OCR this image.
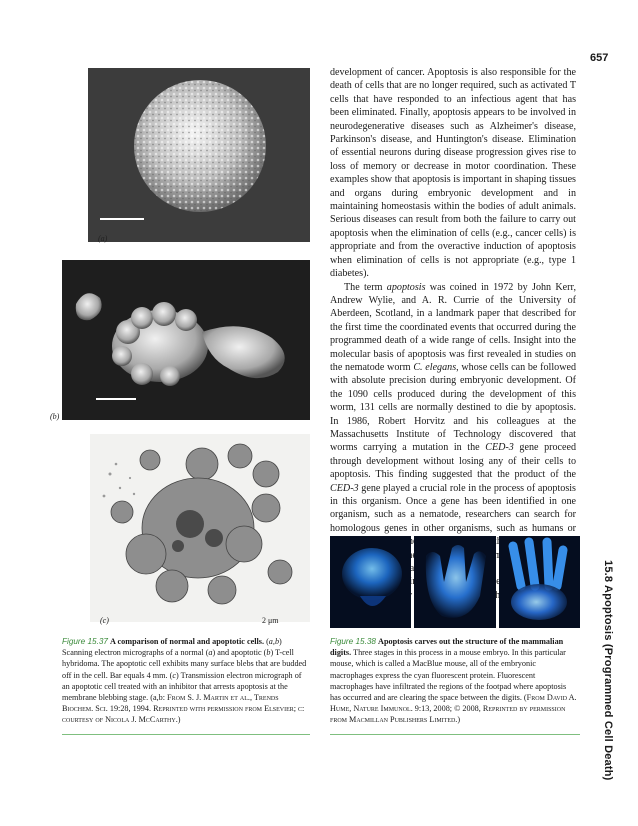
657
15.8 Apoptosis (Programmed Cell Death)
(a)
(b)
(c)	2 μm

development of cancer. Apoptosis is also responsible for the death of cells that are no longer required, such as activated T cells that have responded to an infectious agent that has been eliminated. Finally, apoptosis appears to be involved in neurodegenerative diseases such as Alzheimer's disease, Parkinson's disease, and Huntington's disease. Elimination of essential neurons during disease progression gives rise to loss of memory or decrease in motor coordination. These examples show that apoptosis is important in shaping tissues and organs during embryonic development and in maintaining homeostasis within the bodies of adult animals. Serious diseases can result from both the failure to carry out apoptosis when the elimination of cells (e.g., cancer cells) is appropriate and from the overactive induction of apoptosis when elimination of cells is not appropriate (e.g., type 1 diabetes).

The term apoptosis was coined in 1972 by John Kerr, Andrew Wylie, and A. R. Currie of the University of Aberdeen, Scotland, in a landmark paper that described for the first time the coordinated events that occurred during the programmed death of a wide range of cells. Insight into the molecular basis of apoptosis was first revealed in studies on the nematode worm C. elegans, whose cells can be followed with absolute precision during embryonic development. Of the 1090 cells produced during the development of this worm, 131 cells are normally destined to die by apoptosis. In 1986, Robert Horvitz and his colleagues at the Massachusetts Institute of Technology discovered that worms carrying a mutation in the CED-3 gene proceed through development without losing any of their cells to apoptosis. This finding suggested that the product of the CED-3 gene played a crucial role in the process of apoptosis in this organism. Once a gene has been identified in one organism, such as a nematode, researchers can search for homologous genes in other organisms, such as humans or cysteine

Figure 15.37 A comparison of normal and apoptotic cells. (a,b) Scanning electron micrographs of a normal (a) and apoptotic (b) T-cell hybridoma. The apoptotic cell exhibits many surface blebs that are budded off in the cell. Bar equals 4 mm. (c) Transmission electron micrograph of an apoptotic cell treated with an inhibitor that arrests apoptosis at the membrane blebbing stage. (a,b: From S. J. Martin et al., Trends Biochem. Sci. 19:28, 1994. Reprinted with permission from Elsevier; c: courtesy of Nicola J. McCarthy.)
Figure 15.38 Apoptosis carves out the structure of the mammalian digits. Three stages in this process in a mouse embryo. In this particular mouse, which is called a MacBlue mouse, all of the embryonic macrophages express the cyan fluorescent protein. Fluorescent macrophages have infiltrated the regions of the footpad where apoptosis has occurred and are clearing the space between the digits. (From David A. Hume, Nature Immunol. 9:13, 2008; © 2008, Reprinted by permission from Macmillan Publishers Limited.)
